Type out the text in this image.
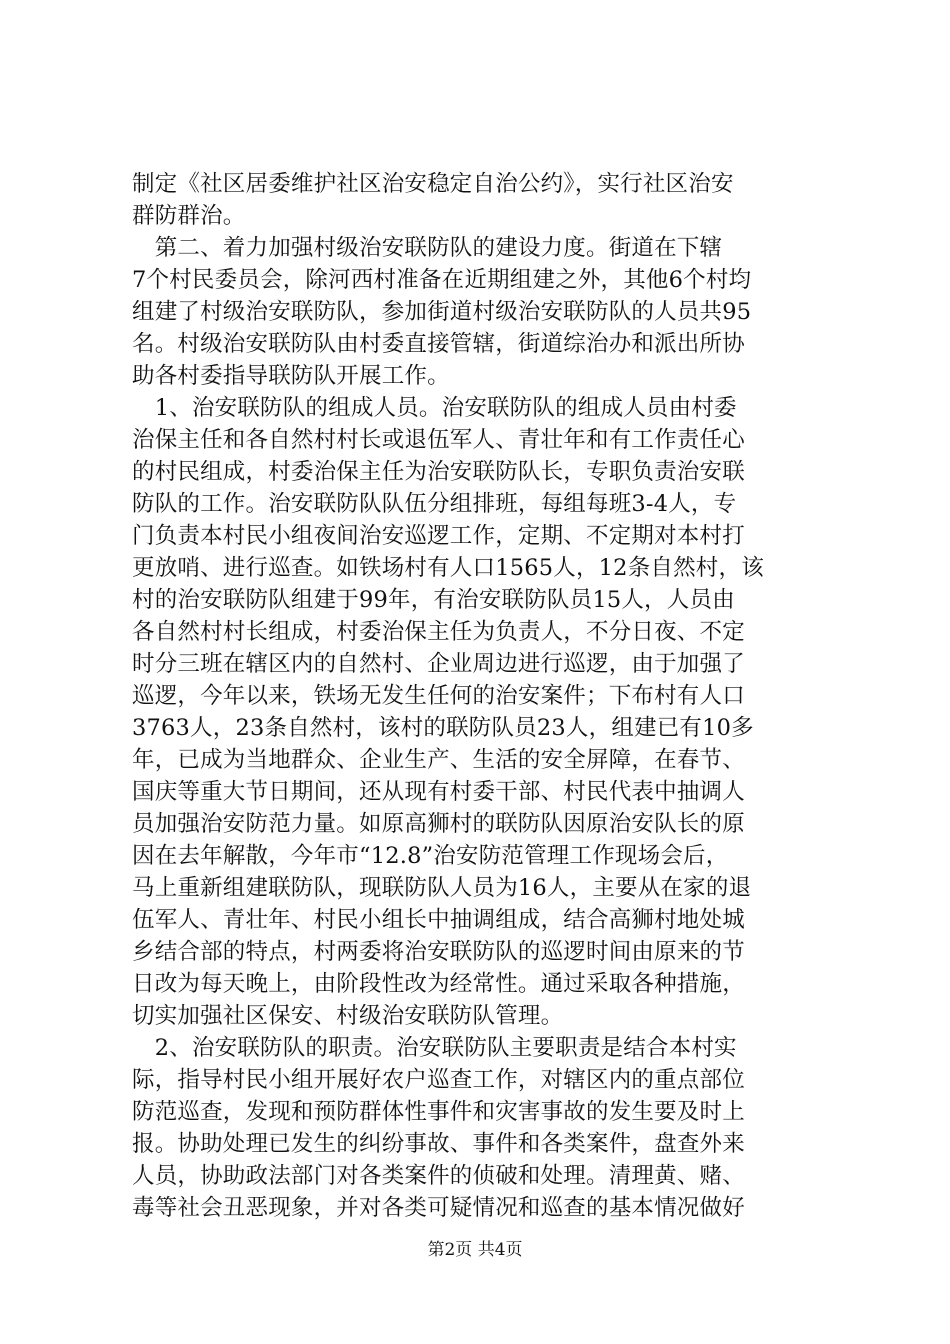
制定《社区居委维护社区治安稳定自治公约》，实行社区治安
群防群治。
　第二、着力加强村级治安联防队的建设力度。街道在下辖
7个村民委员会，除河西村准备在近期组建之外，其他6个村均
组建了村级治安联防队，参加街道村级治安联防队的人员共95
名。村级治安联防队由村委直接管辖，街道综治办和派出所协
助各村委指导联防队开展工作。
　1、治安联防队的组成人员。治安联防队的组成人员由村委
治保主任和各自然村村长或退伍军人、青壮年和有工作责任心
的村民组成，村委治保主任为治安联防队长，专职负责治安联
防队的工作。治安联防队队伍分组排班，每组每班3-4人，专
门负责本村民小组夜间治安巡逻工作，定期、不定期对本村打
更放哨、进行巡查。如铁场村有人口1565人，12条自然村，该
村的治安联防队组建于99年，有治安联防队员15人，人员由
各自然村村长组成，村委治保主任为负责人，不分日夜、不定
时分三班在辖区内的自然村、企业周边进行巡逻，由于加强了
巡逻，今年以来，铁场无发生任何的治安案件；下布村有人口
3763人，23条自然村，该村的联防队员23人，组建已有10多
年，已成为当地群众、企业生产、生活的安全屏障，在春节、
国庆等重大节日期间，还从现有村委干部、村民代表中抽调人
员加强治安防范力量。如原高狮村的联防队因原治安队长的原
因在去年解散，今年市“12.8”治安防范管理工作现场会后，
马上重新组建联防队，现联防队人员为16人，主要从在家的退
伍军人、青壮年、村民小组长中抽调组成，结合高狮村地处城
乡结合部的特点，村两委将治安联防队的巡逻时间由原来的节
日改为每天晚上，由阶段性改为经常性。通过采取各种措施，
切实加强社区保安、村级治安联防队管理。
　2、治安联防队的职责。治安联防队主要职责是结合本村实
际，指导村民小组开展好农户巡查工作，对辖区内的重点部位
防范巡查，发现和预防群体性事件和灾害事故的发生要及时上
报。协助处理已发生的纠纷事故、事件和各类案件，盘查外来
人员，协助政法部门对各类案件的侦破和处理。清理黄、赌、
毒等社会丑恶现象，并对各类可疑情况和巡查的基本情况做好
第2页 共4页
